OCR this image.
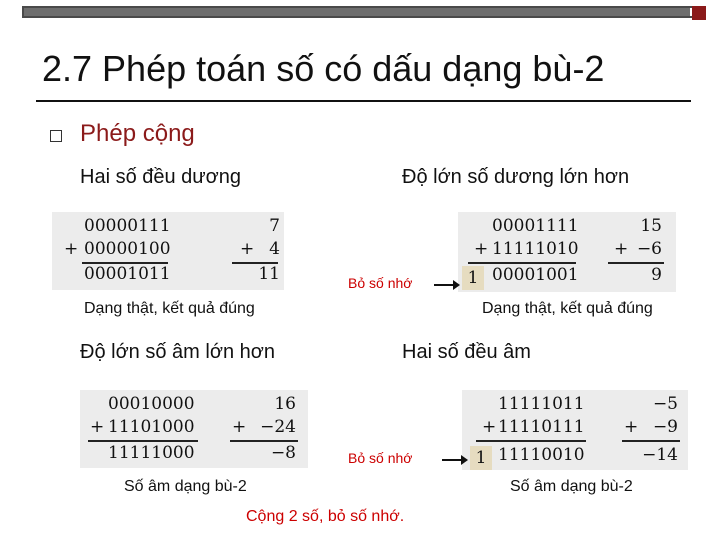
2.7 Phép toán số có dấu dạng bù-2
Phép cộng
Hai số đều dương
00000111	7
+ 00000100	+ 4
00001011	11
Dạng thật, kết quả đúng
Độ lớn số dương lớn hơn
00001111	15
+ 11111010 + −6
00001001	9
1
Bỏ số nhớ
Dạng thật, kết quả đúng
Độ lớn số âm lớn hơn
00010000	16
+ 11101000 + −24
11111000	−8
Số âm dạng bù-2
Hai số đều âm
11111011	−5
+ 11110111 + −9
11110010	−14
1
Bỏ số nhớ
Số âm dạng bù-2
Cộng 2 số, bỏ số nhớ.
